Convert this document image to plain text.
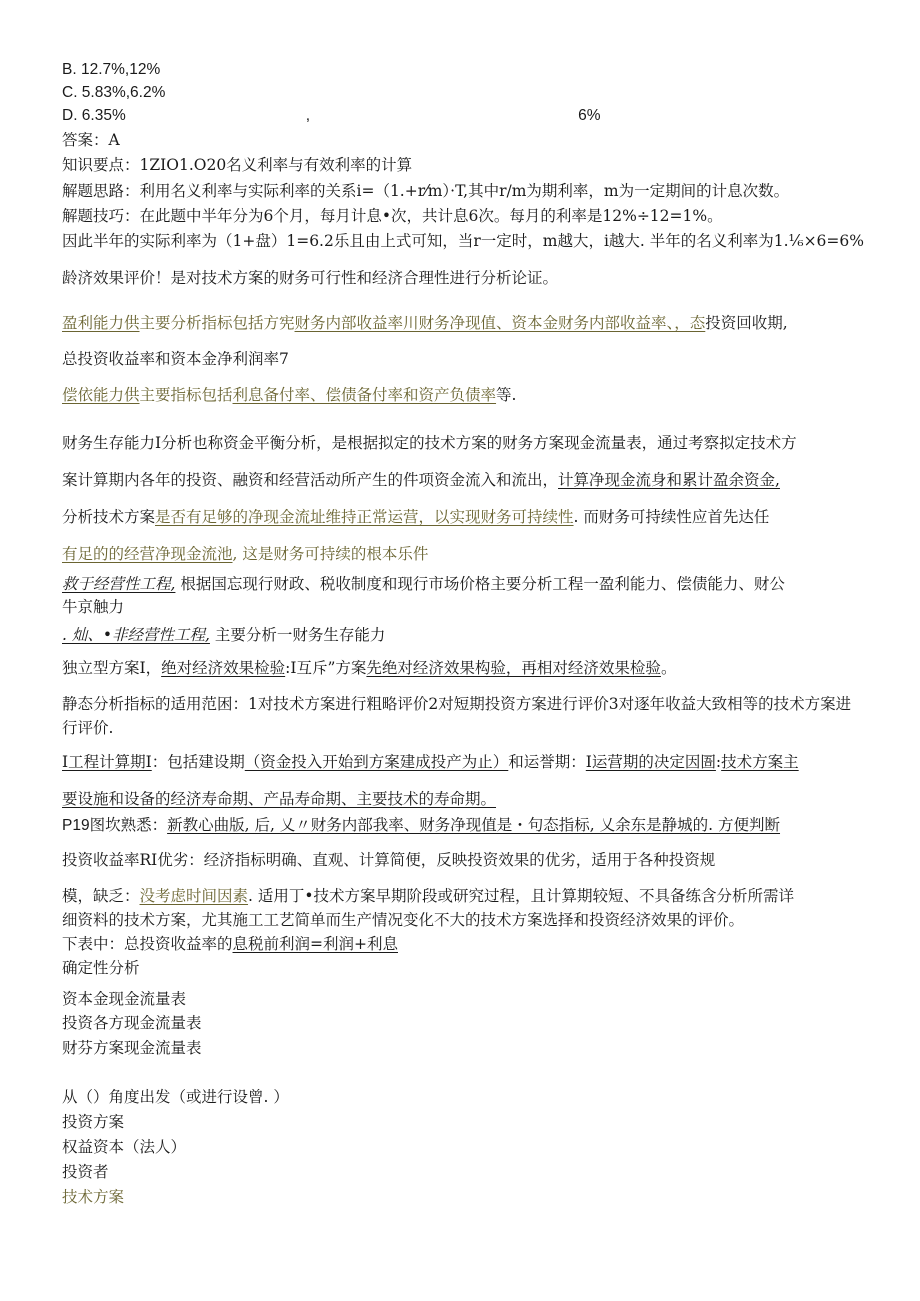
B. 12.7%,12%
C. 5.83%,6.2%
D. 6.35%	,	6%
答案：A
知识要点：1ZIO1.O20名义利率与有效利率的计算
解题思路：利用名义利率与实际利率的关系i=（1.+r⁄m）·T,其中r/m为期利率，m为一定期间的计息次数。
解题技巧：在此题中半年分为6个月，每月计息•次，共计息6次。每月的利率是12%÷12=1%。
因此半年的实际利率为（1+盘）1=6.2乐且由上式可知，当r一定时，m越大，i越大. 半年的名义利率为1.¹⁄₆×6=6%
龄济效果评价！是对技术方案的财务可行性和经济合理性进行分析论证。
盈利能力供主要分析指标包括方宪财务内部收益率川财务净现值、资本金财务内部收益率、，态投资回收期,
总投资收益率和资本金净利润率7
偿依能力供主要指标包括利息备付率、偿债备付率和资产负债率等.
财务生存能力I分析也称资金平衡分析，是根据拟定的技术方案的财务方案现金流量表，通过考察拟定技术方
案计算期内各年的投资、融资和经营活动所产生的件项资金流入和流出，计算净现金流身和累计盈余资金,
分析技术方案是否有足够的净现金流址维持正常运营，以实现财务可持续性. 而财务可持续性应首先达任
有足的的经营净现金流池, 这是财务可持续的根本乐件
救于经营性工程, 根据国忘现行财政、税收制度和现行市场价格主要分析工程一盈利能力、偿债能力、财公
牛京触力
. 灿、•非经营性工程, 主要分析一财务生存能力
独立型方案I，绝对经济效果检验:I互斥”方案先绝对经济效果构验，再相对经济效果检验。
静态分析指标的适用范困：1对技术方案进行粗略评价2对短期投资方案进行评价3对逐年收益大致相等的技术方案进行评价.
I工程计算期I：包括建设期（资金投入开始到方案建成投产为止）和运誉期：I运营期的决定因圄:技术方案主
要设施和设备的经济寿命期、产品寿命期、主要技术的寿命期。
P19图坎熟悉：新教心曲版, 后, 乂〃财务内部我率、财务净现值是・句态指标, 乂余东是静城的. 方便判断
投资收益率RI优劣：经济指标明确、直观、计算简便，反映投资效果的优劣，适用于各种投资规
模，缺乏：没考虑时间因素. 适用丁•技术方案早期阶段或研究过程，且计算期较短、不具备练含分析所需详
细资料的技术方案，尤其施工工艺简单而生产情况变化不大的技术方案选择和投资经济效果的评价。
下表中：总投资收益率的息税前利润=利润+利息
确定性分析
资本金现金流量表
投资各方现金流量表
财芬方案现金流量表
从（）角度出发（或进行设曾. ）
投资方案
权益资本（法人）
投资者
技术方案
